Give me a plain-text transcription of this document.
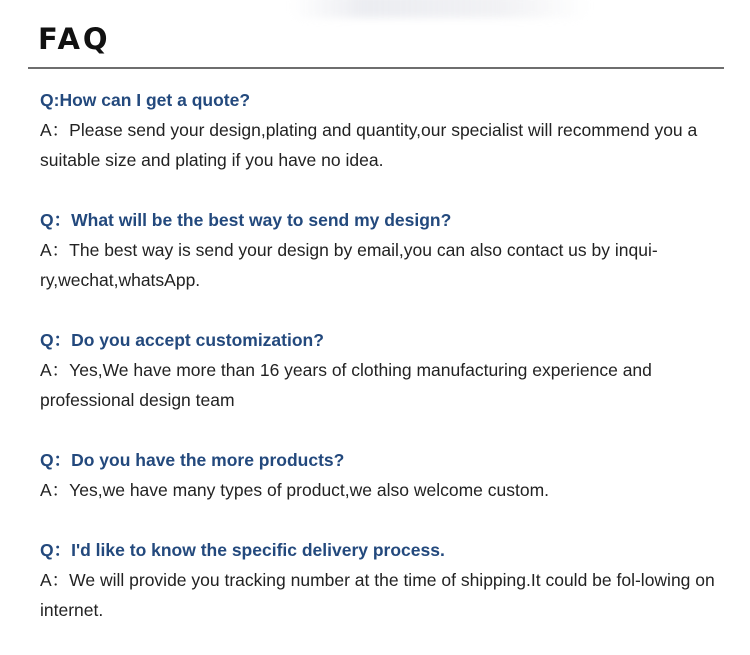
FAQ

Q:How can I get a quote?

A：Please send your design,plating and quantity,our specialist will recommend you a suitable size and plating if you have no idea.

Q：What will be the best way to send my design?

A：The best way is send your design by email,you can also contact us by inqui-ry,wechat,whatsApp.

Q：Do you accept customization?

A：Yes,We have more than 16 years of clothing manufacturing experience and professional design team

Q：Do you have the more products?

A：Yes,we have many types of product,we also welcome custom.

Q：I'd like to know the specific delivery process.

A：We will provide you tracking number at the time of shipping.It could be fol-lowing on internet.
